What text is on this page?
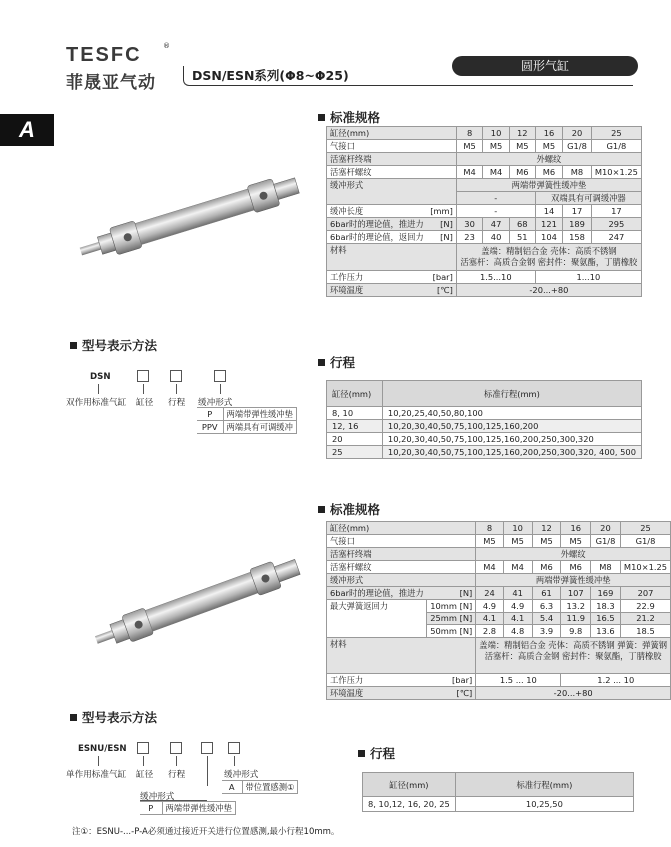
TESFC	®
菲晟亚气动	DSN/ESN系列(Φ8~Φ25)
圆形气缸
A	标准规格
缸径(mm)		8	10	12	16	20	25
气接口		M5	M5	M5	M5	G1/8	G1/8
活塞杆终端		外螺纹					
活塞杆螺纹		M4	M4	M6	M6	M8	M10×1.25
缓冲形式		两端带弹簧性缓冲垫					
		-			双端具有可调缓冲器		
缓冲长度	[mm]	-			14	17	17
6bar时的理论值，推进力	[N]	30	47	68	121	189	295
6bar时的理论值，返回力	[N]	23	40	51	104	158	247
材料		盖端：精制铝合金 壳体：高质不锈钢
活塞杆：高质合金钢 密封件：聚氨酯，丁腈橡胶					
工作压力	[bar]	1.5...10			1...10		
环境温度	[℃]	-20...+80					
型号表示方法
DSN
双作用标准气缸 缸径 行程 缓冲形式
P	两端带弹性缓冲垫
PPV	两端具有可调缓冲
行程
缸径(mm)	标准行程(mm)
8, 10	10,20,25,40,50,80,100
12, 16	10,20,30,40,50,75,100,125,160,200
20	10,20,30,40,50,75,100,125,160,200,250,300,320
25	10,20,30,40,50,75,100,125,160,200,250,300,320, 400, 500
标准规格
缸径(mm)		8	10	12	16	20	25
气接口		M5	M5	M5	M5	G1/8	G1/8
活塞杆终端		外螺纹					
活塞杆螺纹		M4	M4	M6	M6	M8	M10×1.25
缓冲形式		两端带弹簧性缓冲垫					
6bar时的理论值，推进力	[N]	24	41	61	107	169	207
最大弹簧返回力	10mm [N]	4.9	4.9	6.3	13.2	18.3	22.9
	25mm [N]	4.1	4.1	5.4	11.9	16.5	21.2
	50mm [N]	2.8	4.8	3.9	9.8	13.6	18.5
材料		盖端：精制铝合金 壳体：高质不锈钢 弹簧：弹簧钢
活塞杆：高质合金钢 密封件：聚氨酯，丁腈橡胶					

工作压力	[bar]	1.5 ... 10			1.2 ... 10		
环境温度	[℃]	-20...+80					
型号表示方法
ESNU/ESN
单作用标准气缸 缸径 行程	缓冲形式
A	带位置感测①
缓冲形式
P	两端带弹性缓冲垫
行程
缸径(mm)	标准行程(mm)
8, 10,12, 16, 20, 25	10,25,50
注①：ESNU-...-P-A必须通过接近开关进行位置感测,最小行程10mm。
